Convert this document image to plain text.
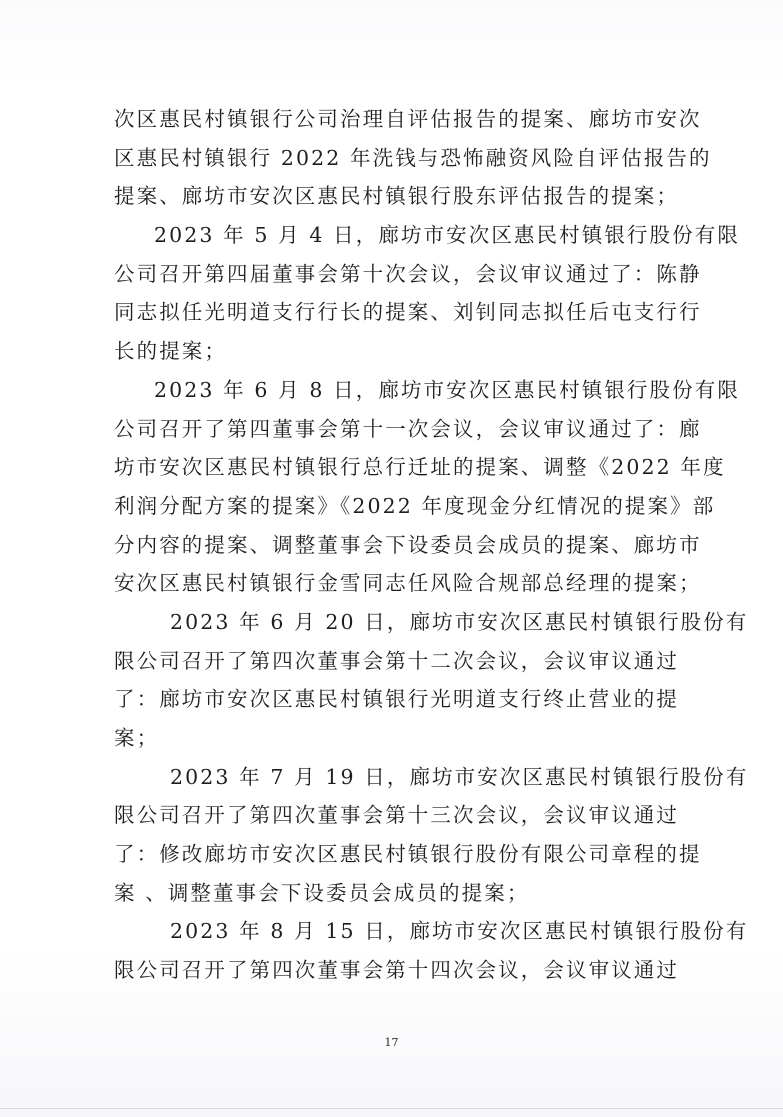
次区惠民村镇银行公司治理自评估报告的提案、廊坊市安次
区惠民村镇银行 2022 年洗钱与恐怖融资风险自评估报告的
提案、廊坊市安次区惠民村镇银行股东评估报告的提案；
2023 年 5 月 4 日，廊坊市安次区惠民村镇银行股份有限
公司召开第四届董事会第十次会议，会议审议通过了：陈静
同志拟任光明道支行行长的提案、刘钊同志拟任后屯支行行
长的提案；
2023 年 6 月 8 日，廊坊市安次区惠民村镇银行股份有限
公司召开了第四董事会第十一次会议，会议审议通过了：廊
坊市安次区惠民村镇银行总行迁址的提案、调整《2022 年度
利润分配方案的提案》《2022 年度现金分红情况的提案》部
分内容的提案、调整董事会下设委员会成员的提案、廊坊市
安次区惠民村镇银行金雪同志任风险合规部总经理的提案；
2023 年 6 月 20 日，廊坊市安次区惠民村镇银行股份有
限公司召开了第四次董事会第十二次会议，会议审议通过
了：廊坊市安次区惠民村镇银行光明道支行终止营业的提
案；
2023 年 7 月 19 日，廊坊市安次区惠民村镇银行股份有
限公司召开了第四次董事会第十三次会议，会议审议通过
了：修改廊坊市安次区惠民村镇银行股份有限公司章程的提
案 、调整董事会下设委员会成员的提案；
2023 年 8 月 15 日，廊坊市安次区惠民村镇银行股份有
限公司召开了第四次董事会第十四次会议，会议审议通过
17
